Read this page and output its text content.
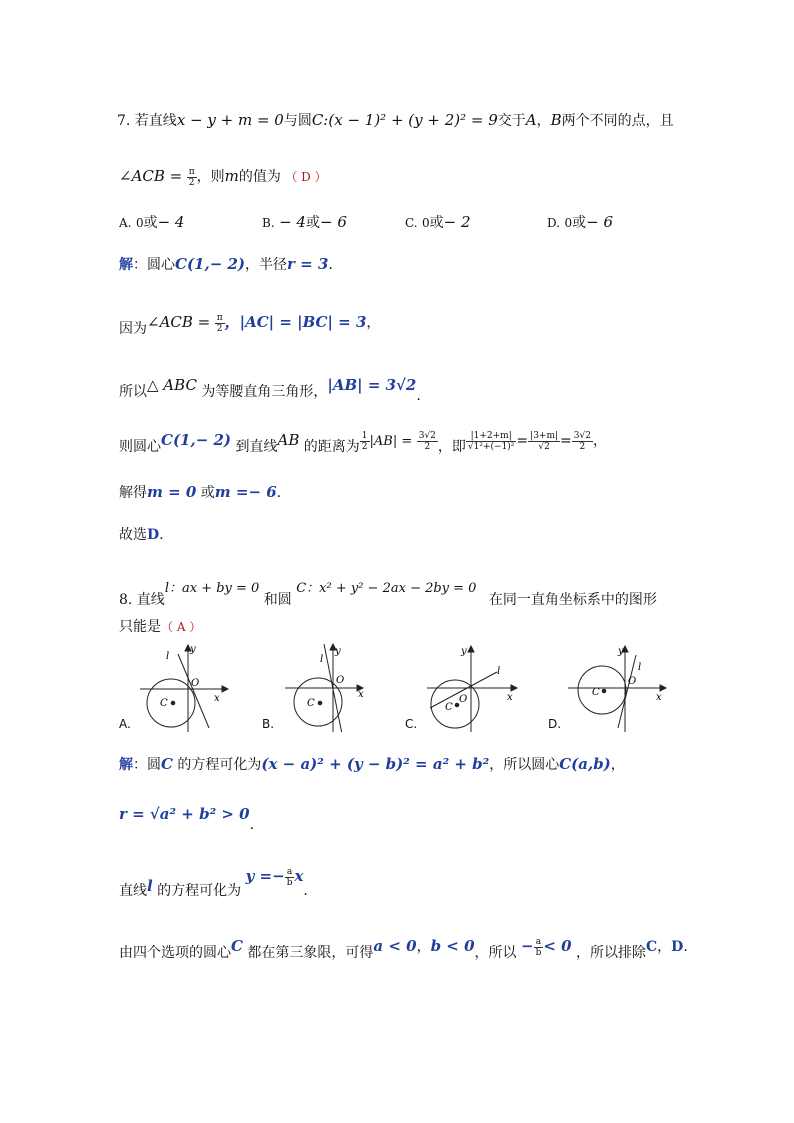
7. 若直线x − y + m = 0与圆C:(x − 1)² + (y + 2)² = 9交于A，B两个不同的点，且
∠ACB = $\frac{\pi}{2}$ ，则m的值为 （ D ）
A. 0或− 4	B. − 4或− 6	C. 0或− 2	D. 0或− 6
解：圆心C(1,− 2)，半径r = 3.
因为∠ACB = $\frac{\pi}{2}$ ，|AC| = |BC| = 3，
所以△ ABC 为等腰直角三角形，|AB| = 3√2.
则圆心C(1,− 2) 到直线AB 的距离为 $\frac{1}{2} |AB| = \frac{3√2}{2}$ ，即 $\frac{|1+2+m|}{\text{√1²+(−1)²}} = \frac{|3+m|}{√2} = \frac{3√2}{2}$ ，
解得m = 0 或m =− 6.
故选D.
8. 直线l：ax + by = 0 和圆 C：x² + y² − 2ax − 2by = 0 在同一直角坐标系中的图形
只能是（ A ）
y
x
O
l
C
y
x
O
l
C
y
x
O
l
C
y
x
O
l
C
A.	B.	C.	D.
解：圆C 的方程可化为(x − a)² + (y − b)² = a² + b²，所以圆心C(a,b)，
r = √a² + b² > 0.
直线l 的方程可化为 $y =- \frac{a}{b} x$.
由四个选项的圆心C 都在第三象限，可得a < 0，b < 0，所以 − $\frac{a}{b} < 0$ ，所以排除C，D.
